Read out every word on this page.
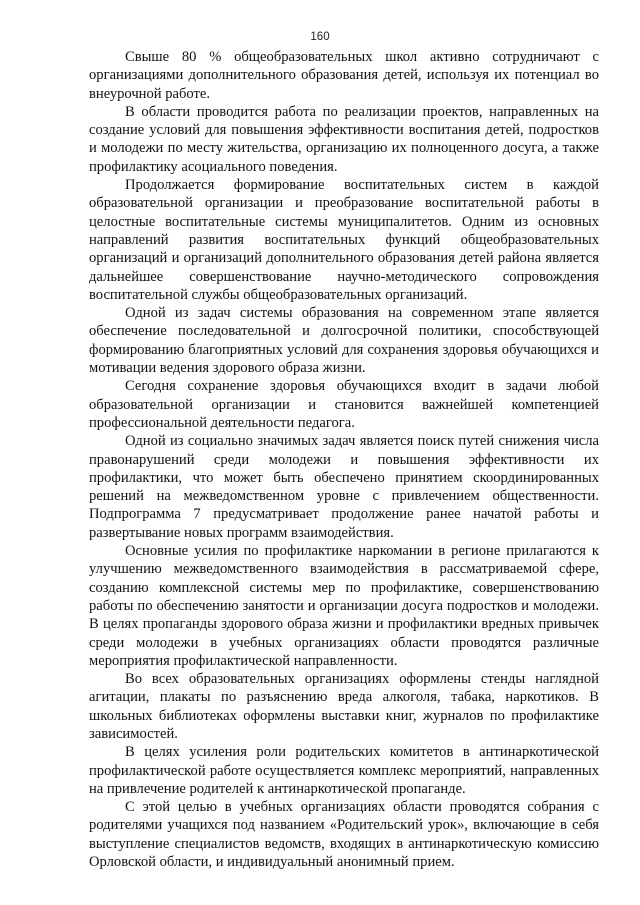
160

Свыше 80 % общеобразовательных школ активно сотрудничают с организациями дополнительного образования детей, используя их потенциал во внеурочной работе.

В области проводится работа по реализации проектов, направленных на создание условий для повышения эффективности воспитания детей, подростков и молодежи по месту жительства, организацию их полноценного досуга, а также профилактику асоциального поведения.

Продолжается формирование воспитательных систем в каждой образовательной организации и преобразование воспитательной работы в целостные воспитательные системы муниципалитетов. Одним из основных направлений развития воспитательных функций общеобразовательных организаций и организаций дополнительного образования детей района является дальнейшее совершенствование научно-методического сопровождения воспитательной службы общеобразовательных организаций.

Одной из задач системы образования на современном этапе является обеспечение последовательной и долгосрочной политики, способствующей формированию благоприятных условий для сохранения здоровья обучающихся и мотивации ведения здорового образа жизни.

Сегодня сохранение здоровья обучающихся входит в задачи любой образовательной организации и становится важнейшей компетенцией профессиональной деятельности педагога.

Одной из социально значимых задач является поиск путей снижения числа правонарушений среди молодежи и повышения эффективности их профилактики, что может быть обеспечено принятием скоординированных решений на межведомственном уровне с привлечением общественности. Подпрограмма 7 предусматривает продолжение ранее начатой работы и развертывание новых программ взаимодействия.

Основные усилия по профилактике наркомании в регионе прилагаются к улучшению межведомственного взаимодействия в рассматриваемой сфере, созданию комплексной системы мер по профилактике, совершенствованию работы по обеспечению занятости и организации досуга подростков и молодежи. В целях пропаганды здорового образа жизни и профилактики вредных привычек среди молодежи в учебных организациях области проводятся различные мероприятия профилактической направленности.

Во всех образовательных организациях оформлены стенды наглядной агитации, плакаты по разъяснению вреда алкоголя, табака, наркотиков. В школьных библиотеках оформлены выставки книг, журналов по профилактике зависимостей.

В целях усиления роли родительских комитетов в антинаркотической профилактической работе осуществляется комплекс мероприятий, направленных на привлечение родителей к антинаркотической пропаганде.

С этой целью в учебных организациях области проводятся собрания с родителями учащихся под названием «Родительский урок», включающие в себя выступление специалистов ведомств, входящих в антинаркотическую комиссию Орловской области, и индивидуальный анонимный прием.
